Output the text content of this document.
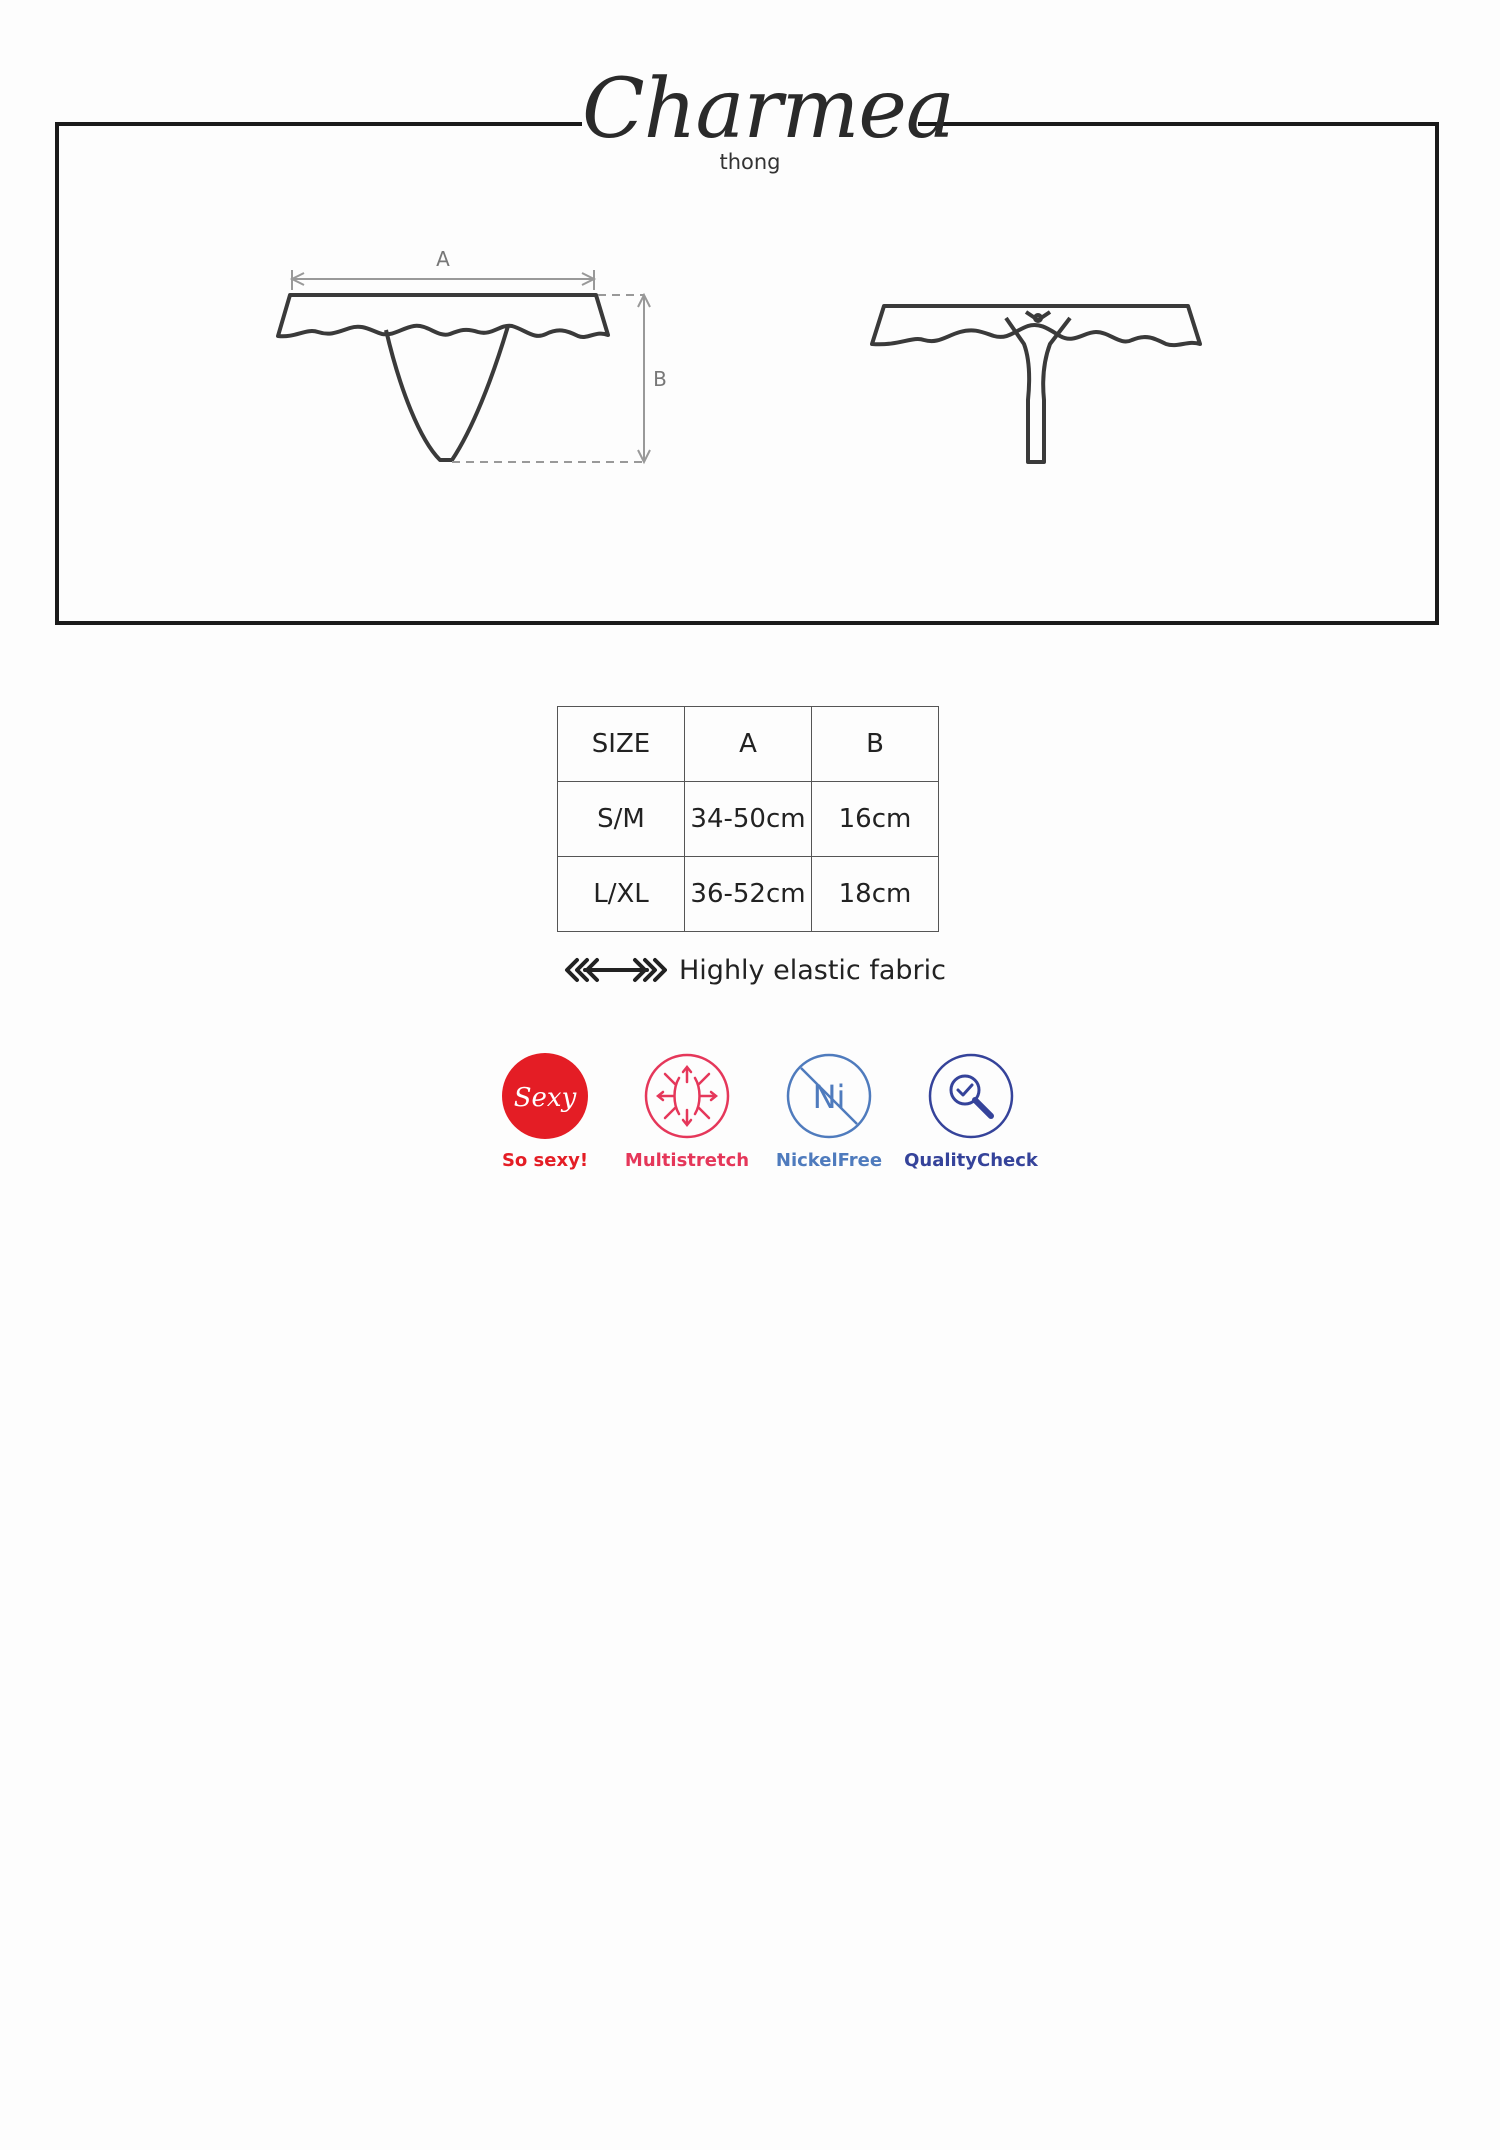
Charmea
thong
A
B
SIZE	A	B
S/M	34-50cm	16cm
L/XL	36-52cm	18cm
Highly elastic fabric
Sexy
So sexy!	Multistretch
Ni
NickelFree	QualityCheck
